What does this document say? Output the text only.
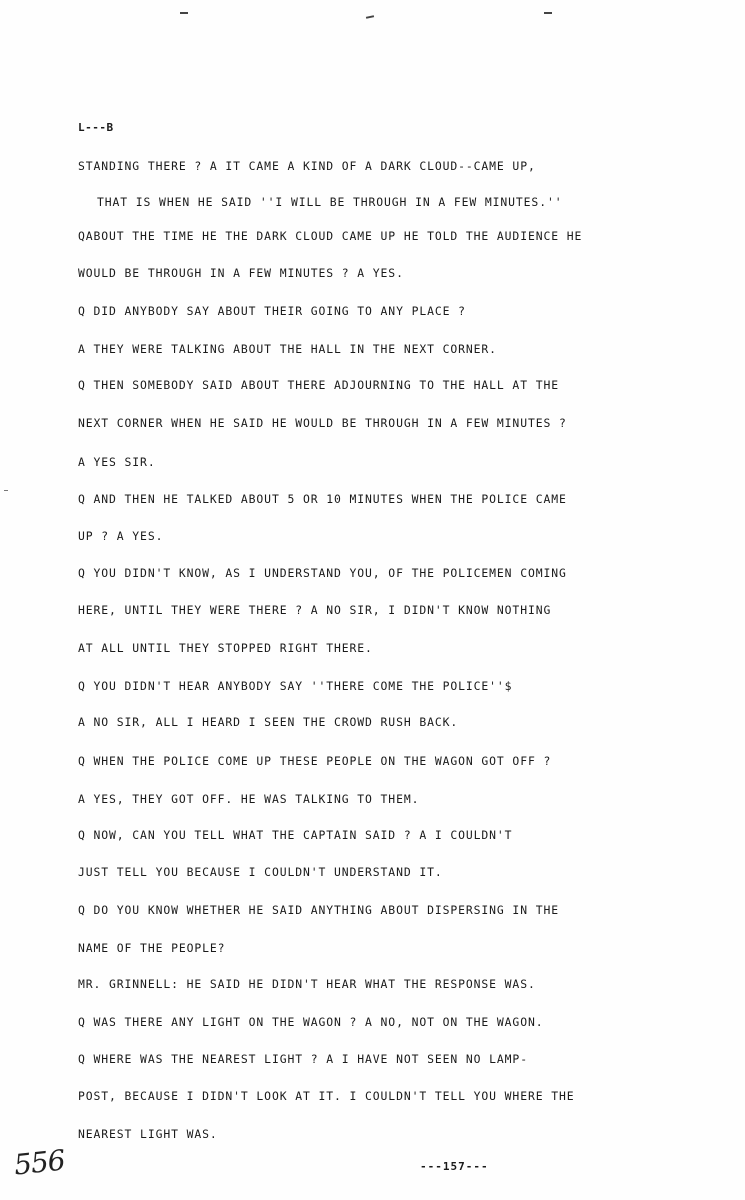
L---B
STANDING THERE ? A IT CAME A KIND OF A DARK CLOUD--CAME UP,
THAT IS WHEN HE SAID ''I WILL BE THROUGH IN A FEW MINUTES.''
QABOUT THE TIME HE THE DARK CLOUD CAME UP HE TOLD THE AUDIENCE HE
WOULD BE THROUGH IN A FEW MINUTES ? A YES.
Q DID ANYBODY SAY ABOUT THEIR GOING TO ANY PLACE ?
A THEY WERE TALKING ABOUT THE HALL IN THE NEXT CORNER.
Q THEN SOMEBODY SAID ABOUT THERE ADJOURNING TO THE HALL AT THE
NEXT CORNER WHEN HE SAID HE WOULD BE THROUGH IN A FEW MINUTES ?
A YES SIR.
Q AND THEN HE TALKED ABOUT 5 OR 10 MINUTES WHEN THE POLICE CAME
UP ? A YES.
Q YOU DIDN'T KNOW, AS I UNDERSTAND YOU, OF THE POLICEMEN COMING
HERE, UNTIL THEY WERE THERE ? A NO SIR, I DIDN'T KNOW NOTHING
AT ALL UNTIL THEY STOPPED RIGHT THERE.
Q YOU DIDN'T HEAR ANYBODY SAY ''THERE COME THE POLICE''$
A NO SIR, ALL I HEARD I SEEN THE CROWD RUSH BACK.
Q WHEN THE POLICE COME UP THESE PEOPLE ON THE WAGON GOT OFF ?
A YES, THEY GOT OFF. HE WAS TALKING TO THEM.
Q NOW, CAN YOU TELL WHAT THE CAPTAIN SAID ? A I COULDN'T
JUST TELL YOU BECAUSE I COULDN'T UNDERSTAND IT.
Q DO YOU KNOW WHETHER HE SAID ANYTHING ABOUT DISPERSING IN THE
NAME OF THE PEOPLE?
MR. GRINNELL: HE SAID HE DIDN'T HEAR WHAT THE RESPONSE WAS.
Q WAS THERE ANY LIGHT ON THE WAGON ? A NO, NOT ON THE WAGON.
Q WHERE WAS THE NEAREST LIGHT ? A I HAVE NOT SEEN NO LAMP-
POST, BECAUSE I DIDN'T LOOK AT IT. I COULDN'T TELL YOU WHERE THE
NEAREST LIGHT WAS.
556	---157---
